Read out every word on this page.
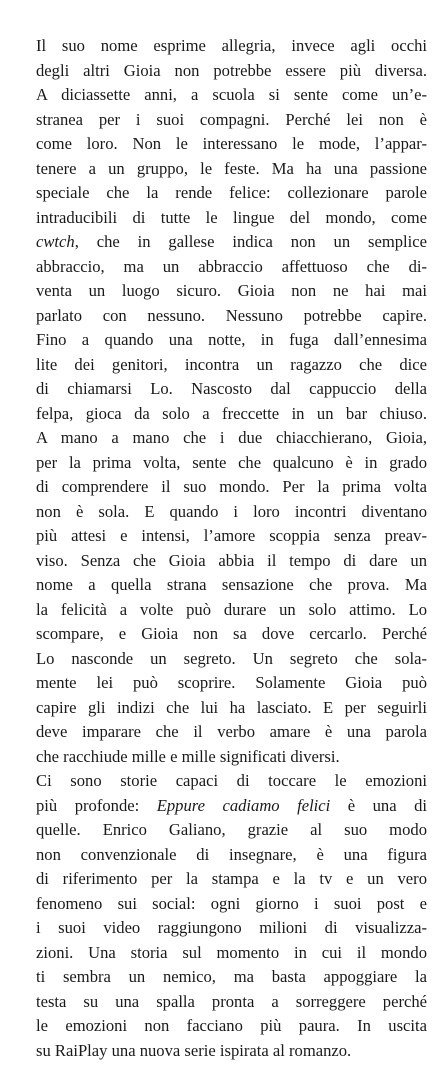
Il suo nome esprime allegria, invece agli occhi
degli altri Gioia non potrebbe essere più diversa.
A diciassette anni, a scuola si sente come un’e-
stranea per i suoi compagni. Perché lei non è
come loro. Non le interessano le mode, l’appar-
tenere a un gruppo, le feste. Ma ha una passione
speciale che la rende felice: collezionare parole
intraducibili di tutte le lingue del mondo, come
cwtch, che in gallese indica non un semplice
abbraccio, ma un abbraccio affettuoso che di-
venta un luogo sicuro. Gioia non ne hai mai
parlato con nessuno. Nessuno potrebbe capire.
Fino a quando una notte, in fuga dall’ennesima
lite dei genitori, incontra un ragazzo che dice
di chiamarsi Lo. Nascosto dal cappuccio della
felpa, gioca da solo a freccette in un bar chiuso.
A mano a mano che i due chiacchierano, Gioia,
per la prima volta, sente che qualcuno è in grado
di comprendere il suo mondo. Per la prima volta
non è sola. E quando i loro incontri diventano
più attesi e intensi, l’amore scoppia senza preav-
viso. Senza che Gioia abbia il tempo di dare un
nome a quella strana sensazione che prova. Ma
la felicità a volte può durare un solo attimo. Lo
scompare, e Gioia non sa dove cercarlo. Perché
Lo nasconde un segreto. Un segreto che sola-
mente lei può scoprire. Solamente Gioia può
capire gli indizi che lui ha lasciato. E per seguirli
deve imparare che il verbo amare è una parola
che racchiude mille e mille significati diversi.
Ci sono storie capaci di toccare le emozioni
più profonde: Eppure cadiamo felici è una di
quelle. Enrico Galiano, grazie al suo modo
non convenzionale di insegnare, è una figura
di riferimento per la stampa e la tv e un vero
fenomeno sui social: ogni giorno i suoi post e
i suoi video raggiungono milioni di visualizza-
zioni. Una storia sul momento in cui il mondo
ti sembra un nemico, ma basta appoggiare la
testa su una spalla pronta a sorreggere perché
le emozioni non facciano più paura. In uscita
su RaiPlay una nuova serie ispirata al romanzo.
